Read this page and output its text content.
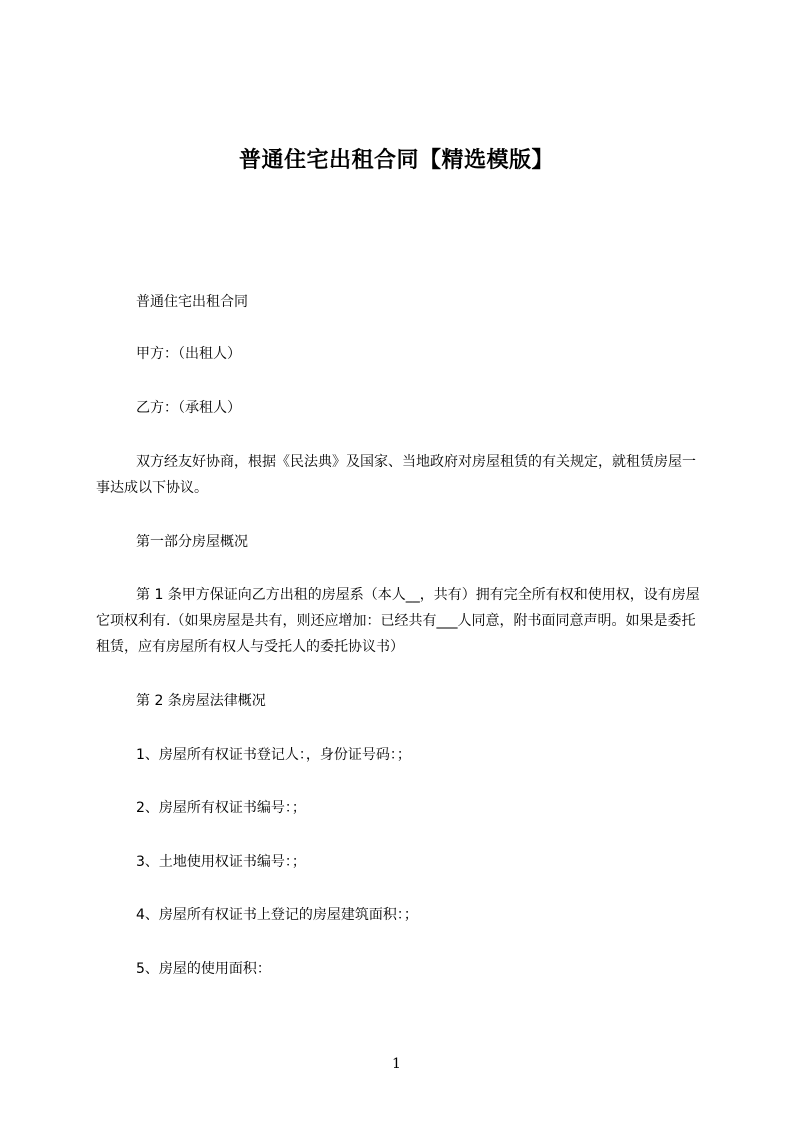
普通住宅出租合同【精选模版】
普通住宅出租合同
甲方：（出租人）
乙方：（承租人）
双方经友好协商，根据《民法典》及国家、当地政府对房屋租赁的有关规定，就租赁房屋一事达成以下协议。
第一部分房屋概况
第 1 条甲方保证向乙方出租的房屋系（本人__，共有）拥有完全所有权和使用权，设有房屋它项权利有.（如果房屋是共有，则还应增加：已经共有___人同意，附书面同意声明。如果是委托租赁，应有房屋所有权人与受托人的委托协议书）
第 2 条房屋法律概况
1、房屋所有权证书登记人：，身份证号码：；
2、房屋所有权证书编号：；
3、土地使用权证书编号：；
4、房屋所有权证书上登记的房屋建筑面积：；
5、房屋的使用面积：
1
